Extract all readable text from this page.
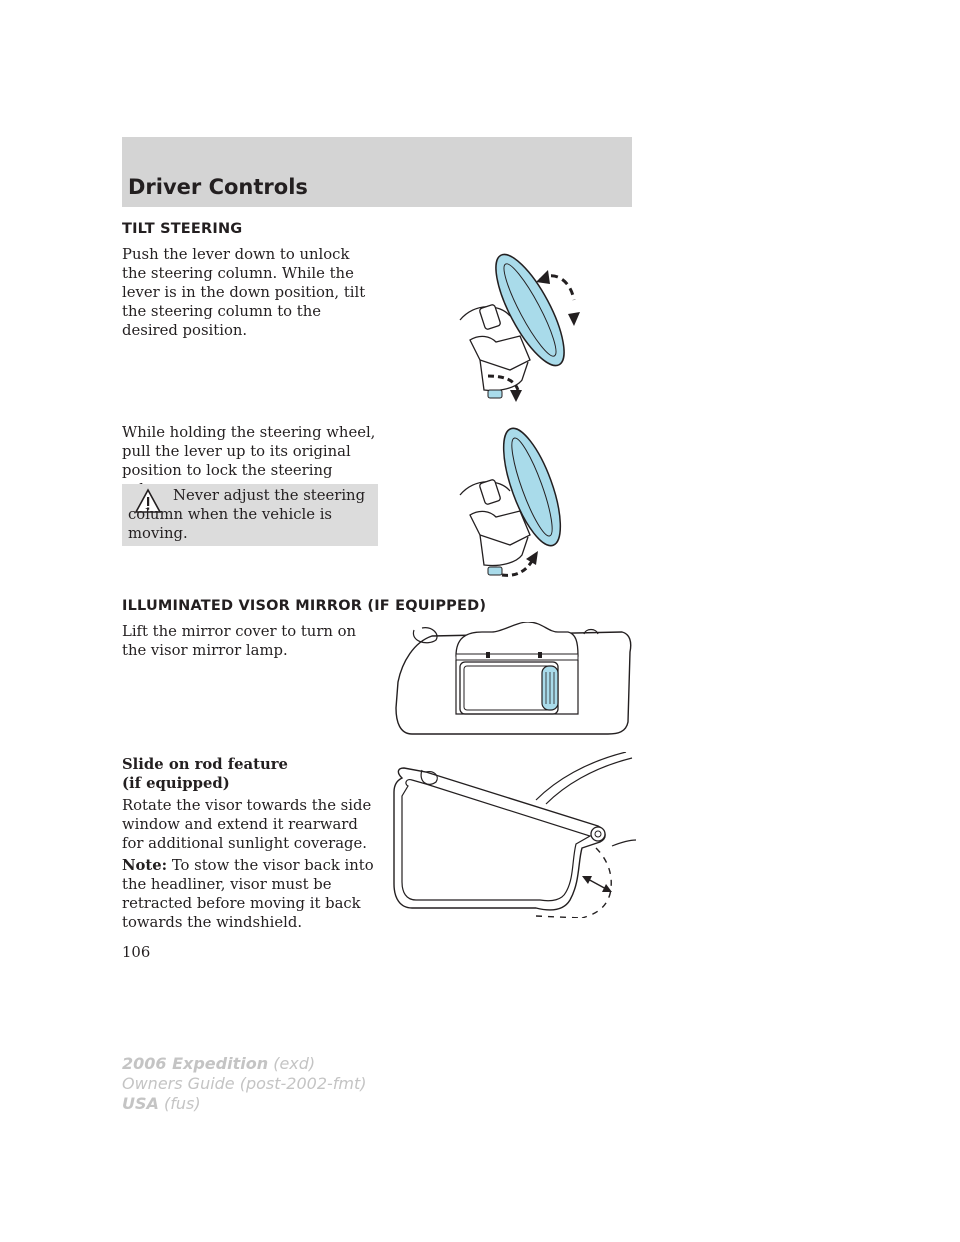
Driver Controls
TILT STEERING

Push the lever down to unlock the steering column. While the lever is in the down position, tilt the steering column to the desired position.

While holding the steering wheel, pull the lever up to its original position to lock the steering

Never adjust the steering column when the vehicle is moving.

ILLUMINATED VISOR MIRROR (IF EQUIPPED)

Lift the mirror cover to turn on the visor mirror lamp.

Slide on rod feature
(if equipped)

Rotate the visor towards the side window and extend it rearward for additional sunlight coverage.

Note: To stow the visor back into the headliner, visor must be retracted before moving it back towards the windshield.

106

2006 Expedition (exd)
Owners Guide (post-2002-fmt)
USA (fus)
